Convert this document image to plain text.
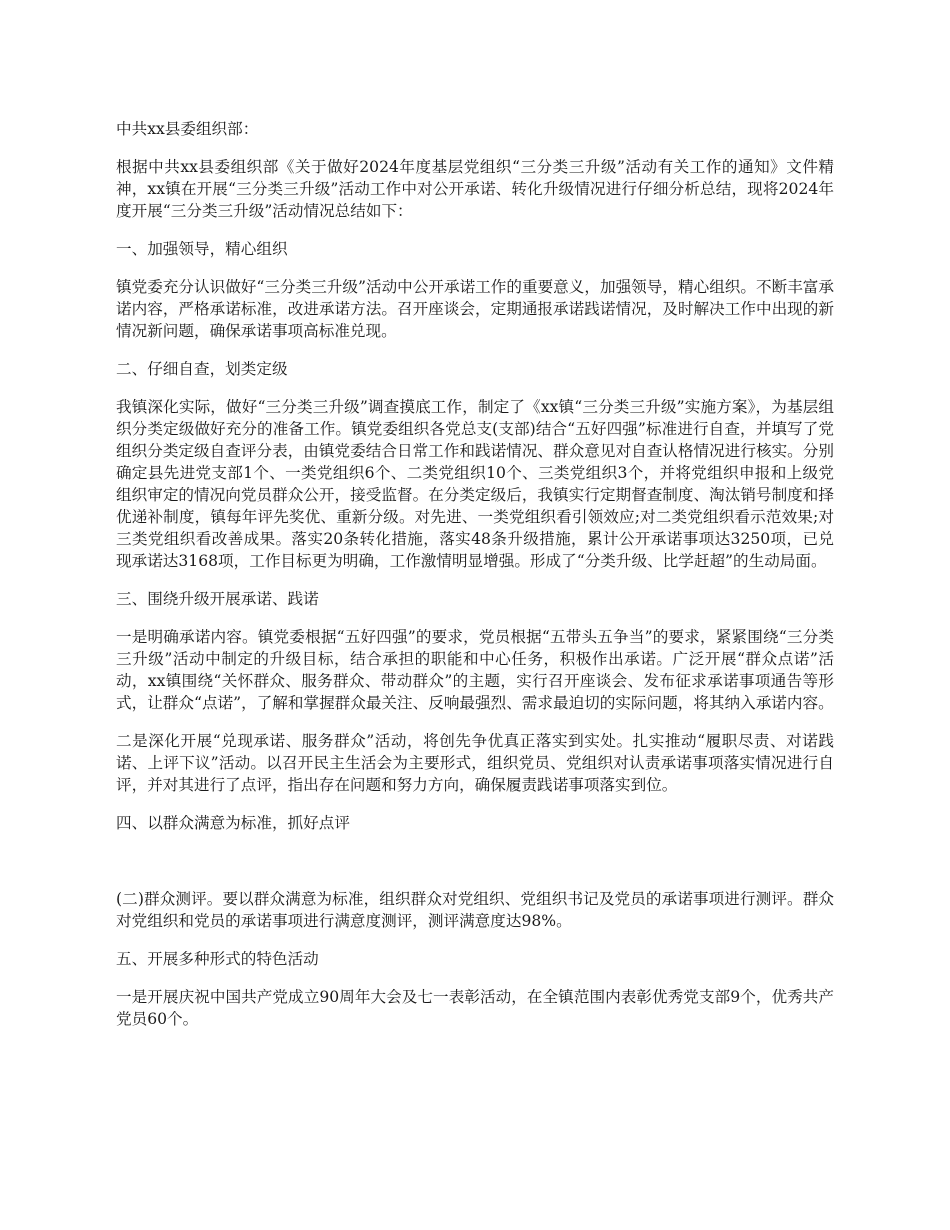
中共xx县委组织部：

根据中共xx县委组织部《关于做好2024年度基层党组织“三分类三升级”活动有关工作的通知》文件精神，xx镇在开展“三分类三升级”活动工作中对公开承诺、转化升级情况进行仔细分析总结，现将2024年度开展“三分类三升级”活动情况总结如下：

一、加强领导，精心组织

镇党委充分认识做好“三分类三升级”活动中公开承诺工作的重要意义，加强领导，精心组织。不断丰富承诺内容，严格承诺标准，改进承诺方法。召开座谈会，定期通报承诺践诺情况，及时解决工作中出现的新情况新问题，确保承诺事项高标准兑现。

二、仔细自查，划类定级

我镇深化实际，做好“三分类三升级”调查摸底工作，制定了《xx镇“三分类三升级”实施方案》，为基层组织分类定级做好充分的准备工作。镇党委组织各党总支(支部)结合“五好四强”标准进行自查，并填写了党组织分类定级自查评分表，由镇党委结合日常工作和践诺情况、群众意见对自查认格情况进行核实。分别确定县先进党支部1个、一类党组织6个、二类党组织10个、三类党组织3个，并将党组织申报和上级党组织审定的情况向党员群众公开，接受监督。在分类定级后，我镇实行定期督查制度、淘汰销号制度和择优递补制度，镇每年评先奖优、重新分级。对先进、一类党组织看引领效应;对二类党组织看示范效果;对三类党组织看改善成果。落实20条转化措施，落实48条升级措施，累计公开承诺事项达3250项，已兑现承诺达3168项，工作目标更为明确，工作激情明显增强。形成了“分类升级、比学赶超”的生动局面。

三、围绕升级开展承诺、践诺

一是明确承诺内容。镇党委根据“五好四强”的要求，党员根据“五带头五争当”的要求，紧紧围绕“三分类三升级”活动中制定的升级目标，结合承担的职能和中心任务，积极作出承诺。广泛开展“群众点诺”活动，xx镇围绕“关怀群众、服务群众、带动群众”的主题，实行召开座谈会、发布征求承诺事项通告等形式，让群众“点诺”，了解和掌握群众最关注、反响最强烈、需求最迫切的实际问题，将其纳入承诺内容。

二是深化开展“兑现承诺、服务群众”活动，将创先争优真正落实到实处。扎实推动“履职尽责、对诺践诺、上评下议”活动。以召开民主生活会为主要形式，组织党员、党组织对认责承诺事项落实情况进行自评，并对其进行了点评，指出存在问题和努力方向，确保履责践诺事项落实到位。

四、以群众满意为标准，抓好点评

(二)群众测评。要以群众满意为标准，组织群众对党组织、党组织书记及党员的承诺事项进行测评。群众对党组织和党员的承诺事项进行满意度测评，测评满意度达98%。

五、开展多种形式的特色活动

一是开展庆祝中国共产党成立90周年大会及七一表彰活动，在全镇范围内表彰优秀党支部9个，优秀共产党员60个。
